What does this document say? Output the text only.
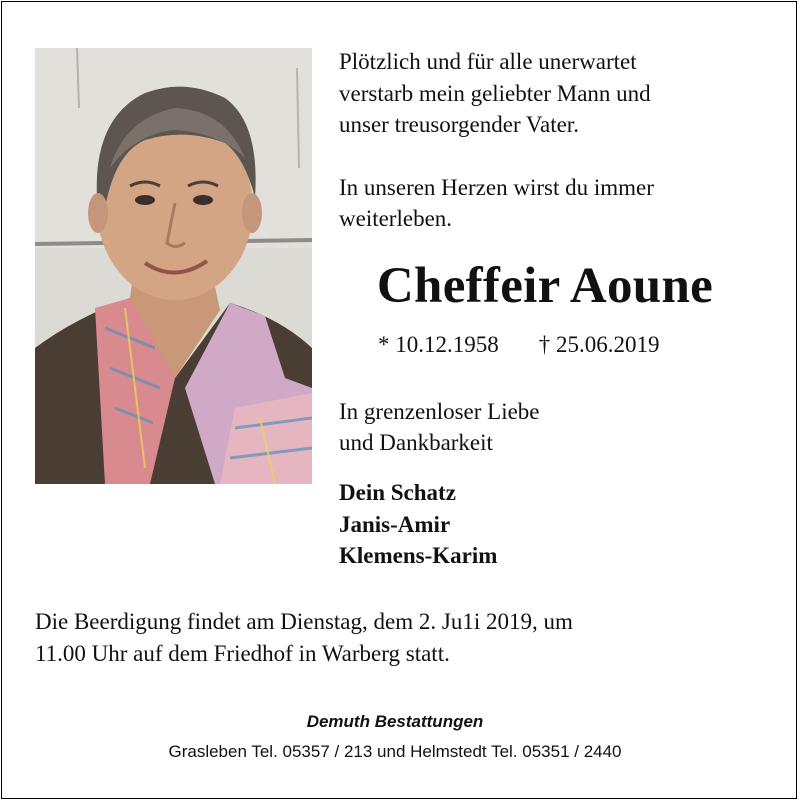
Plötzlich und für alle unerwartet
verstarb mein geliebter Mann und
unser treusorgender Vater.
In unseren Herzen wirst du immer
weiterleben.
Cheffeir Aoune
* 10.12.1958 † 25.06.2019
In grenzenloser Liebe
und Dankbarkeit
Dein Schatz
Janis-Amir
Klemens-Karim
Die Beerdigung findet am Dienstag, dem 2. Ju1i 2019, um
11.00 Uhr auf dem Friedhof in Warberg statt.
Demuth Bestattungen
Grasleben Tel. 05357 / 213 und Helmstedt Tel. 05351 / 2440
